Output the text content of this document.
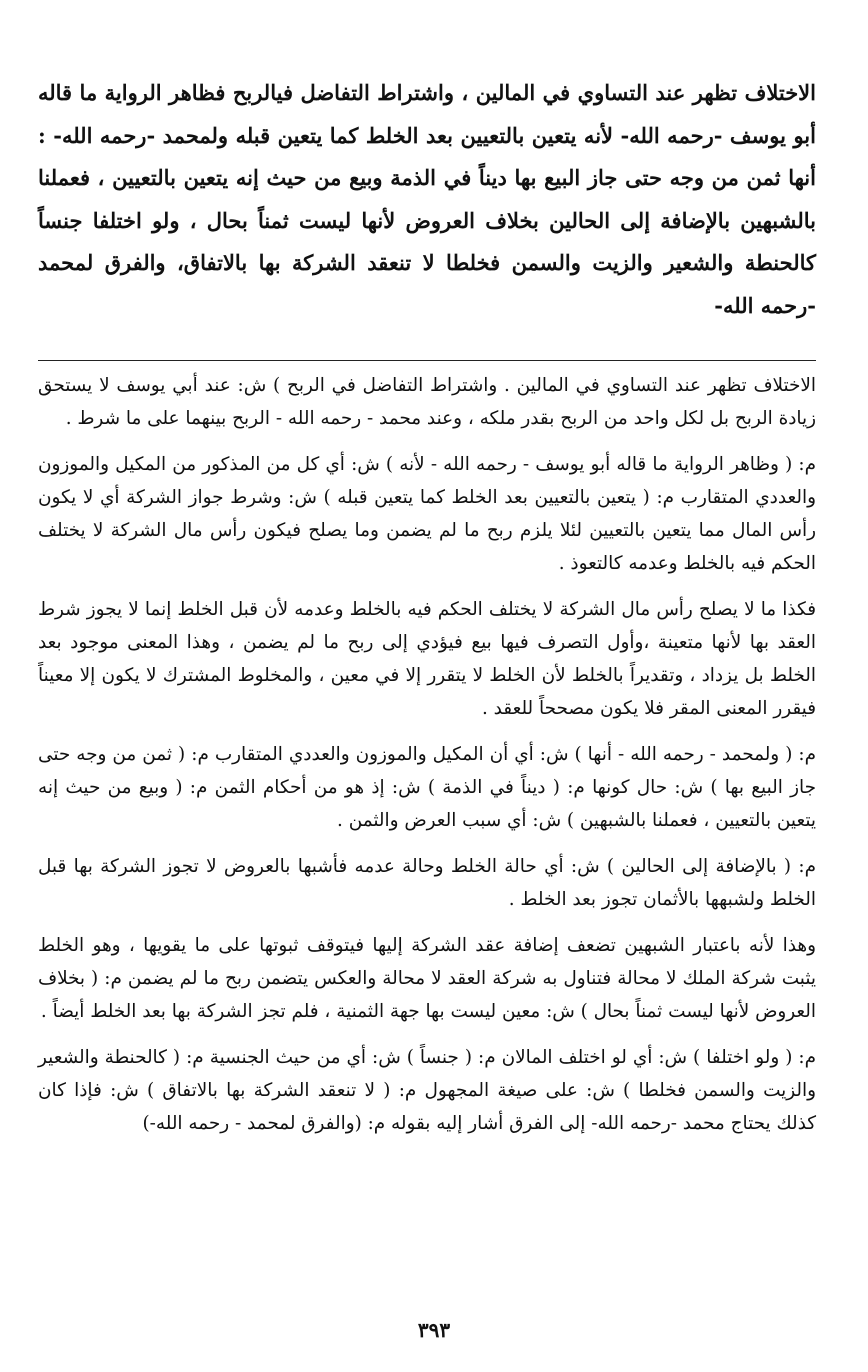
الاختلاف تظهر عند التساوي في المالين ، واشتراط التفاضل فيالربح فظاهر الرواية ما قاله أبو يوسف -رحمه الله- لأنه يتعين بالتعيين بعد الخلط كما يتعين قبله ولمحمد -رحمه الله- : أنها ثمن من وجه حتى جاز البيع بها ديناً في الذمة وبيع من حيث إنه يتعين بالتعيين ، فعملنا بالشبهين بالإضافة إلى الحالين بخلاف العروض لأنها ليست ثمناً بحال ، ولو اختلفا جنساً كالحنطة والشعير والزيت والسمن فخلطا لا تنعقد الشركة بها بالاتفاق، والفرق لمحمد -رحمه الله-

الاختلاف تظهر عند التساوي في المالين . واشتراط التفاضل في الربح ) ش: عند أبي يوسف لا يستحق زيادة الربح بل لكل واحد من الربح بقدر ملكه ، وعند محمد - رحمه الله - الربح بينهما على ما شرط .

م: ( وظاهر الرواية ما قاله أبو يوسف - رحمه الله - لأنه ) ش: أي كل من المذكور من المكيل والموزون والعددي المتقارب م: ( يتعين بالتعيين بعد الخلط كما يتعين قبله ) ش: وشرط جواز الشركة أي لا يكون رأس المال مما يتعين بالتعيين لئلا يلزم ربح ما لم يضمن وما يصلح فيكون رأس مال الشركة لا يختلف الحكم فيه بالخلط وعدمه كالتعوذ .

فكذا ما لا يصلح رأس مال الشركة لا يختلف الحكم فيه بالخلط وعدمه لأن قبل الخلط إنما لا يجوز شرط العقد بها لأنها متعينة ،وأول التصرف فيها بيع فيؤدي إلى ربح ما لم يضمن ، وهذا المعنى موجود بعد الخلط بل يزداد ، وتقديراً بالخلط لأن الخلط لا يتقرر إلا في معين ، والمخلوط المشترك لا يكون إلا معيناً فيقرر المعنى المقر فلا يكون مصححاً للعقد .

م: ( ولمحمد - رحمه الله - أنها ) ش: أي أن المكيل والموزون والعددي المتقارب م: ( ثمن من وجه حتى جاز البيع بها ) ش: حال كونها م: ( ديناً في الذمة ) ش: إذ هو من أحكام الثمن م: ( وبيع من حيث إنه يتعين بالتعيين ، فعملنا بالشبهين ) ش: أي سبب العرض والثمن .

م: ( بالإضافة إلى الحالين ) ش: أي حالة الخلط وحالة عدمه فأشبها بالعروض لا تجوز الشركة بها قبل الخلط ولشبهها بالأثمان تجوز بعد الخلط .

وهذا لأنه باعتبار الشبهين تضعف إضافة عقد الشركة إليها فيتوقف ثبوتها على ما يقويها ، وهو الخلط يثبت شركة الملك لا محالة فتناول به شركة العقد لا محالة والعكس يتضمن ربح ما لم يضمن م: ( بخلاف العروض لأنها ليست ثمناً بحال ) ش: معين ليست بها جهة الثمنية ، فلم تجز الشركة بها بعد الخلط أيضاً .

م: ( ولو اختلفا ) ش: أي لو اختلف المالان م: ( جنساً ) ش: أي من حيث الجنسية م: ( كالحنطة والشعير والزيت والسمن فخلطا ) ش: على صيغة المجهول م: ( لا تنعقد الشركة بها بالاتفاق ) ش: فإذا كان كذلك يحتاج محمد -رحمه الله- إلى الفرق أشار إليه بقوله م: (والفرق لمحمد - رحمه الله-)

٣٩٣
